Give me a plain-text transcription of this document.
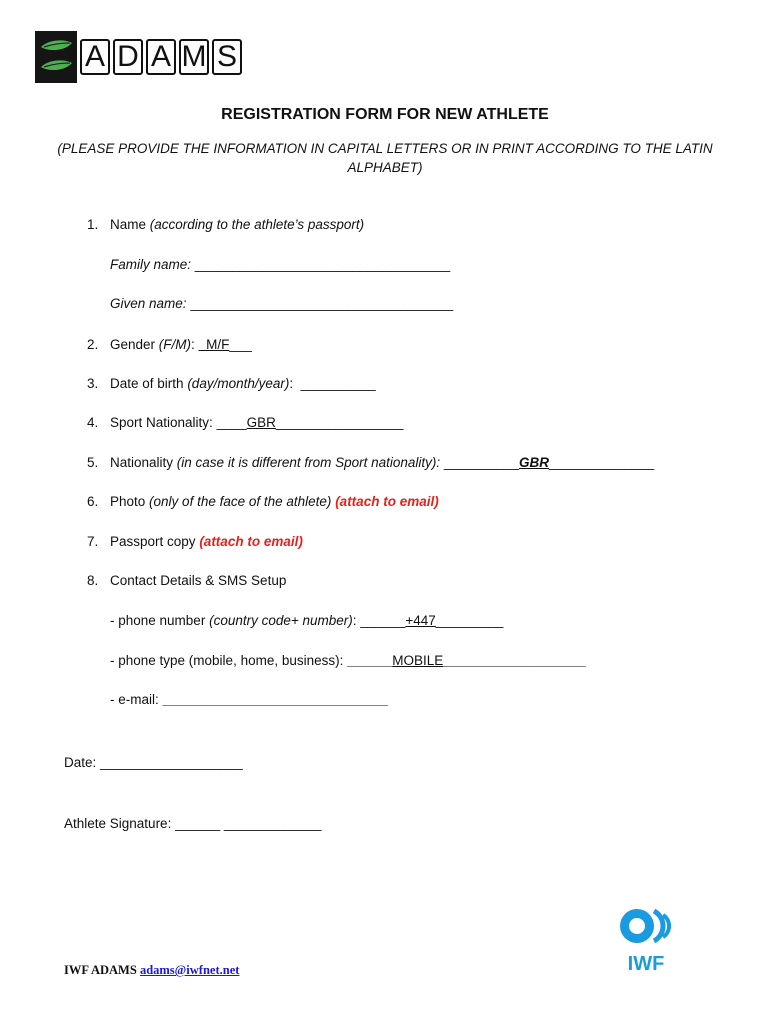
A D A M S
REGISTRATION FORM FOR NEW ATHLETE
(PLEASE PROVIDE THE INFORMATION IN CAPITAL LETTERS OR IN PRINT ACCORDING TO THE LATIN ALPHABET)
1. Name (according to the athlete’s passport)
Family name: __________________________________
Given name: ___________________________________
2. Gender (F/M): M/F___
3. Date of birth (day/month/year): __________
4. Sport Nationality: ____GBR_________________
5. Nationality (in case it is different from Sport nationality): __________GBR______________
6. Photo (only of the face of the athlete) (attach to email)
7. Passport copy (attach to email)
8. Contact Details & SMS Setup
- phone number (country code+ number): ______+447_________
- phone type (mobile, home, business): ______MOBILE___________________
- e-mail: ______________________________
Date: ___________________
Athlete Signature: ______ _____________
IWF ADAMS adams@iwfnet.net	IWF
